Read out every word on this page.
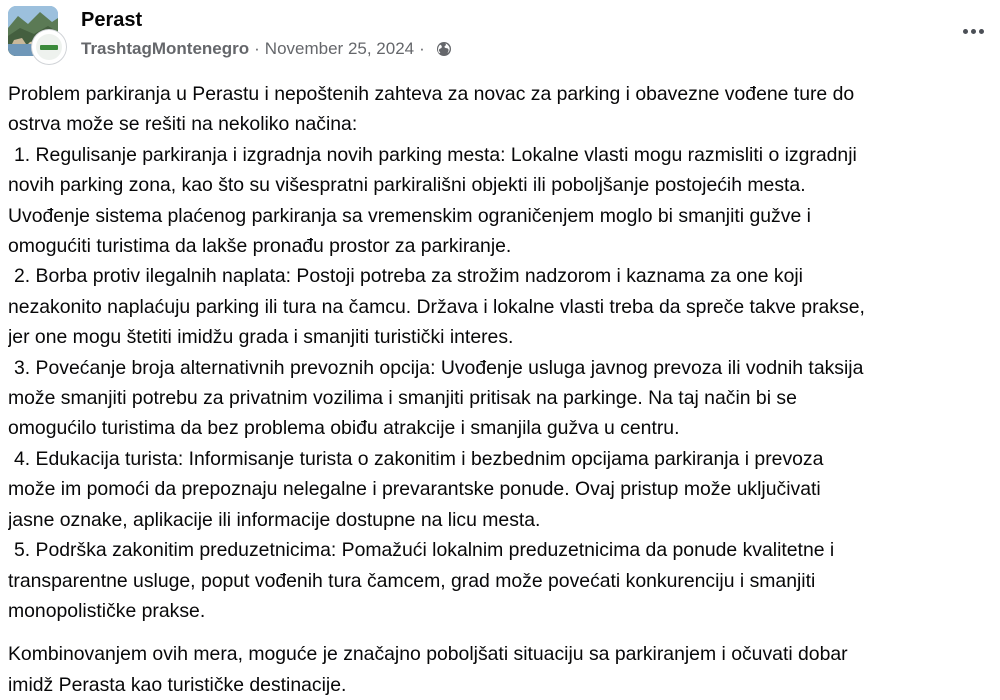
Perast
TrashtagMontenegro · November 25, 2024 ·

Problem parkiranja u Perastu i nepoštenih zahteva za novac za parking i obavezne vođene ture do
ostrva može se rešiti na nekoliko načina:

1. Regulisanje parkiranja i izgradnja novih parking mesta: Lokalne vlasti mogu razmisliti o izgradnji
novih parking zona, kao što su višespratni parkirališni objekti ili poboljšanje postojećih mesta.
Uvođenje sistema plaćenog parkiranja sa vremenskim ograničenjem moglo bi smanjiti gužve i
omogućiti turistima da lakše pronađu prostor za parkiranje.

2. Borba protiv ilegalnih naplata: Postoji potreba za strožim nadzorom i kaznama za one koji
nezakonito naplaćuju parking ili tura na čamcu. Država i lokalne vlasti treba da spreče takve prakse,
jer one mogu štetiti imidžu grada i smanjiti turistički interes.

3. Povećanje broja alternativnih prevoznih opcija: Uvođenje usluga javnog prevoza ili vodnih taksija
može smanjiti potrebu za privatnim vozilima i smanjiti pritisak na parkinge. Na taj način bi se
omogućilo turistima da bez problema obiđu atrakcije i smanjila gužva u centru.

4. Edukacija turista: Informisanje turista o zakonitim i bezbednim opcijama parkiranja i prevoza
može im pomoći da prepoznaju nelegalne i prevarantske ponude. Ovaj pristup može uključivati
jasne oznake, aplikacije ili informacije dostupne na licu mesta.

5. Podrška zakonitim preduzetnicima: Pomažući lokalnim preduzetnicima da ponude kvalitetne i
transparentne usluge, poput vođenih tura čamcem, grad može povećati konkurenciju i smanjiti
monopolističke prakse.

Kombinovanjem ovih mera, moguće je značajno poboljšati situaciju sa parkiranjem i očuvati dobar
imidž Perasta kao turističke destinacije.
